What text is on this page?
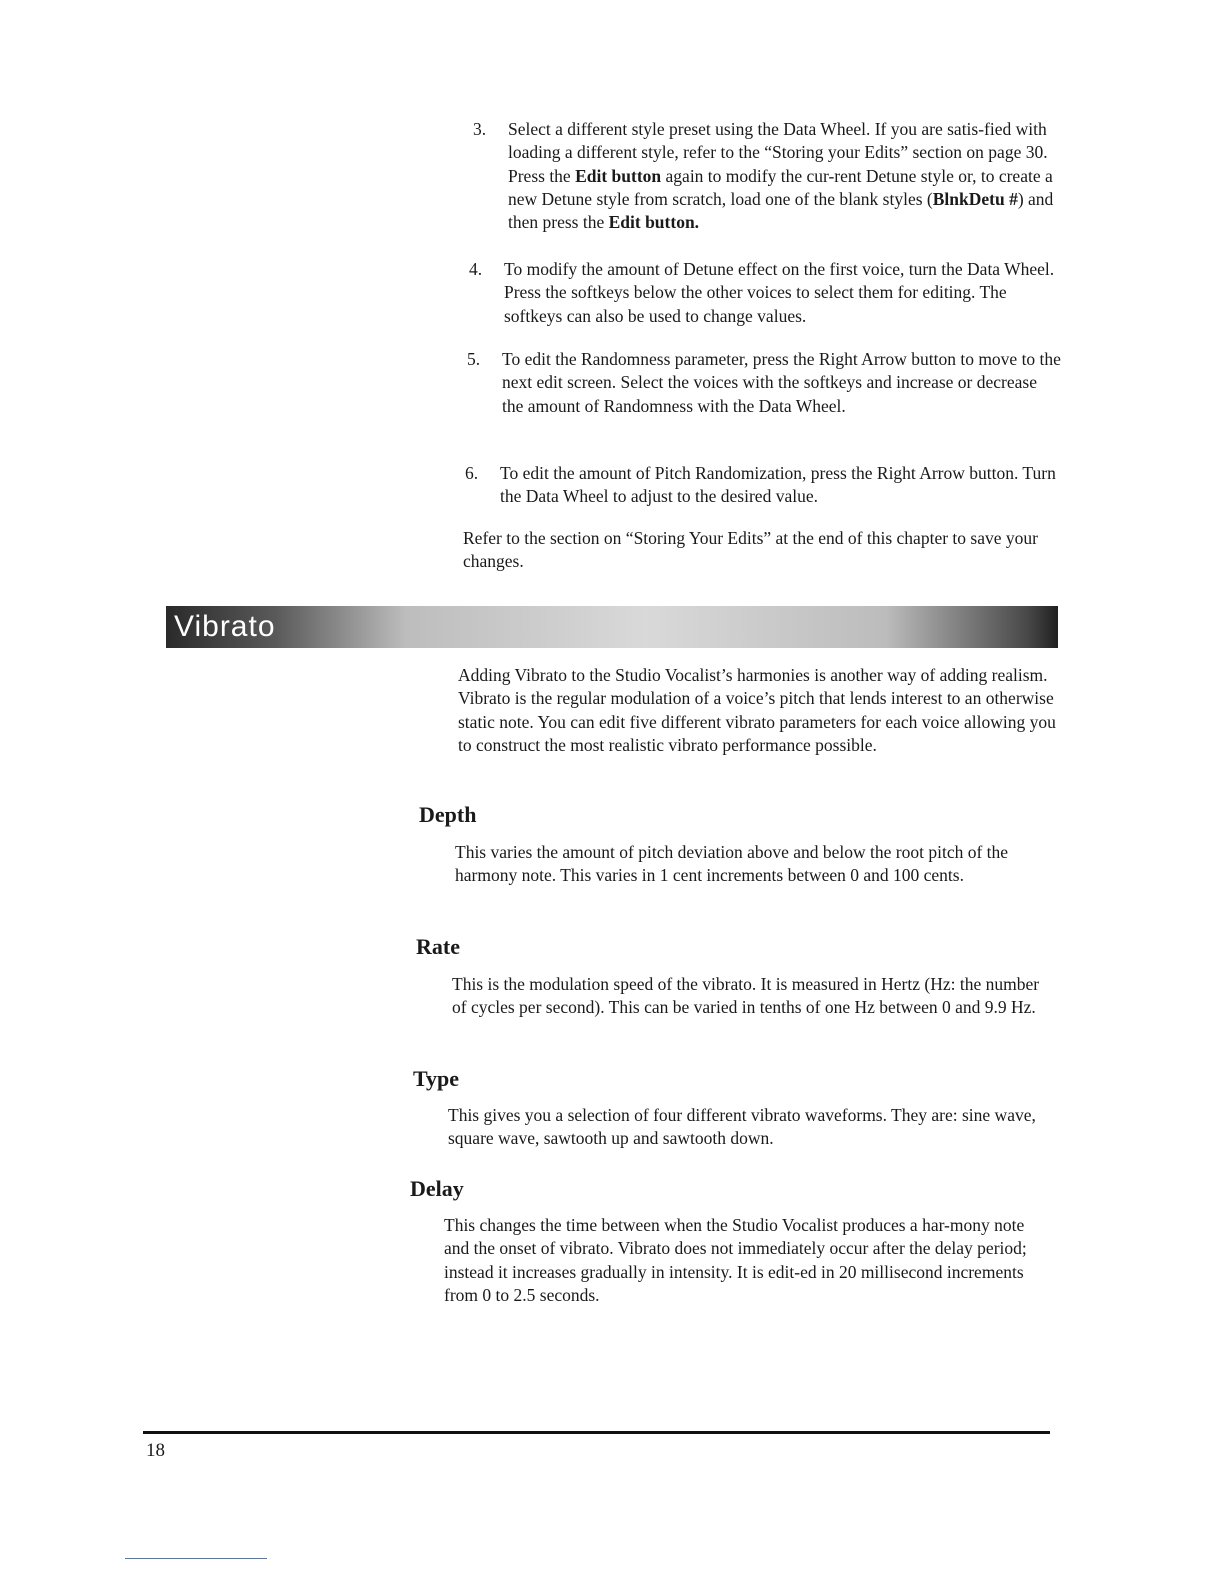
3. Select a different style preset using the Data Wheel. If you are satis-fied with loading a different style, refer to the “Storing your Edits” section on page 30. Press the Edit button again to modify the cur-rent Detune style or, to create a new Detune style from scratch, load one of the blank styles (BlnkDetu #) and then press the Edit button.
4. To modify the amount of Detune effect on the first voice, turn the Data Wheel. Press the softkeys below the other voices to select them for editing. The softkeys can also be used to change values.
5. To edit the Randomness parameter, press the Right Arrow button to move to the next edit screen. Select the voices with the softkeys and increase or decrease the amount of Randomness with the Data Wheel.
6. To edit the amount of Pitch Randomization, press the Right Arrow button. Turn the Data Wheel to adjust to the desired value.
Refer to the section on “Storing Your Edits” at the end of this chapter to save your changes.
Vibrato
Adding Vibrato to the Studio Vocalist’s harmonies is another way of adding realism. Vibrato is the regular modulation of a voice’s pitch that lends interest to an otherwise static note. You can edit five different vibrato parameters for each voice allowing you to construct the most realistic vibrato performance possible.
Depth
This varies the amount of pitch deviation above and below the root pitch of the harmony note. This varies in 1 cent increments between 0 and 100 cents.
Rate
This is the modulation speed of the vibrato. It is measured in Hertz (Hz: the number of cycles per second). This can be varied in tenths of one Hz between 0 and 9.9 Hz.
Type
This gives you a selection of four different vibrato waveforms. They are: sine wave, square wave, sawtooth up and sawtooth down.
Delay
This changes the time between when the Studio Vocalist produces a har-mony note and the onset of vibrato. Vibrato does not immediately occur after the delay period; instead it increases gradually in intensity. It is edit-ed in 20 millisecond increments from 0 to 2.5 seconds.
18
